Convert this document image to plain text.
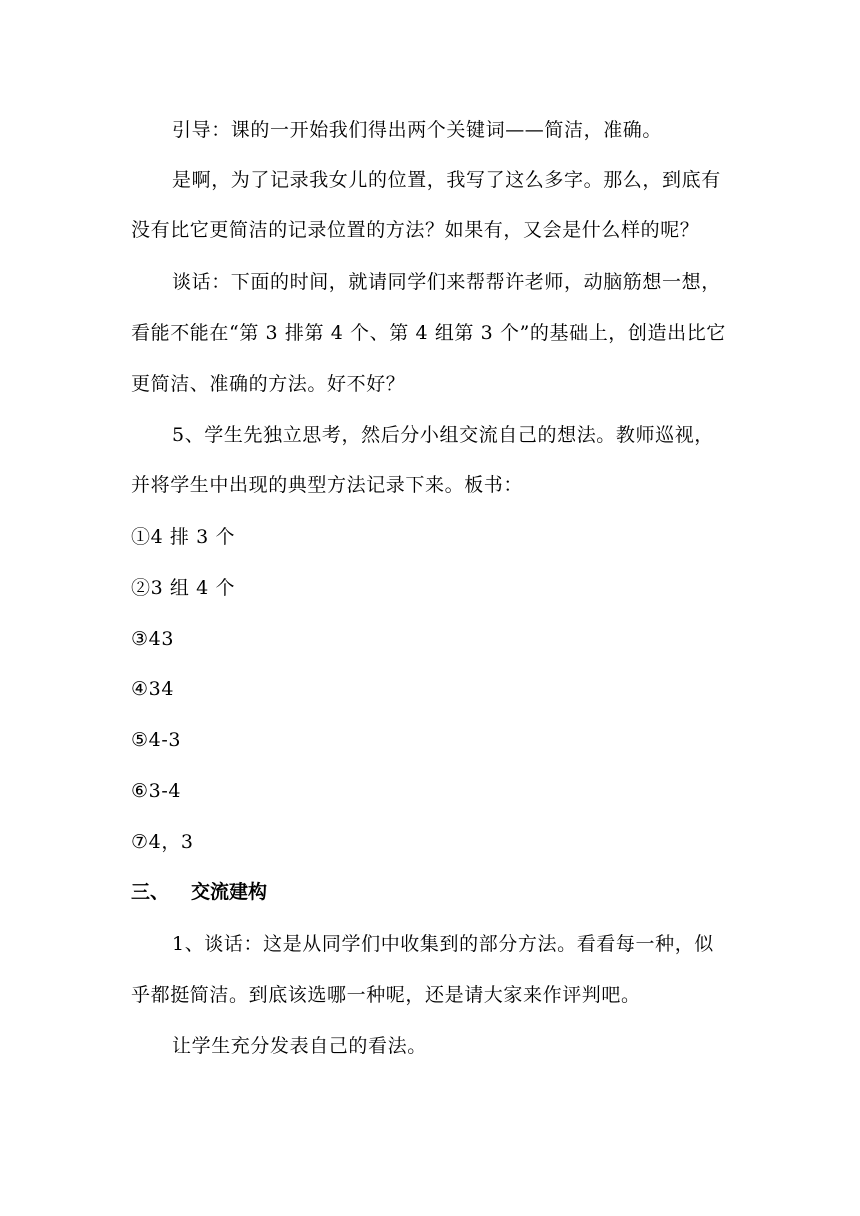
引导：课的一开始我们得出两个关键词——简洁，准确。
是啊，为了记录我女儿的位置，我写了这么多字。那么，到底有
没有比它更简洁的记录位置的方法？如果有，又会是什么样的呢？
谈话：下面的时间，就请同学们来帮帮许老师，动脑筋想一想，
看能不能在“第 3 排第 4 个、第 4 组第 3 个”的基础上，创造出比它
更简洁、准确的方法。好不好？
5、学生先独立思考，然后分小组交流自己的想法。教师巡视，
并将学生中出现的典型方法记录下来。板书：
①4 排 3 个
②3 组 4 个
③43
④34
⑤4-3
⑥3-4
⑦4，3
三、 交流建构
1、谈话：这是从同学们中收集到的部分方法。看看每一种，似
乎都挺简洁。到底该选哪一种呢，还是请大家来作评判吧。
让学生充分发表自己的看法。
